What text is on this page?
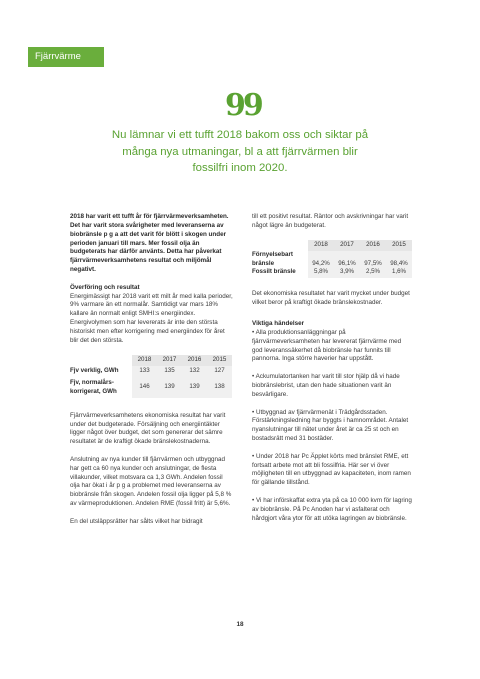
Fjärrvärme
99
Nu lämnar vi ett tufft 2018 bakom oss och siktar på många nya utmaningar, bl a att fjärrvärmen blir fossilfri inom 2020.

2018 har varit ett tufft år för fjärrvärmeverksamheten. Det har varit stora svårigheter med leveranserna av biobränsle p g a att det varit för blött i skogen under perioden januari till mars. Mer fossil olja än budgeterats har därför använts. Detta har påverkat fjärrvärmeverksamhetens resultat och miljömål negativt.

Överföring och resultat

Energimässigt har 2018 varit ett milt år med kalla perioder, 9% varmare än ett normalår. Samtidigt var mars 18% kallare än normalt enligt SMHI:s energiindex. Energivolymen som har levererats är inte den största historiskt men efter korrigering med energiindex för året blir det den största.

	2018	2017	2016	2015
Fjv verklig, GWh	133	135	132	127
Fjv, normalårs-korrigerat, GWh	146	139	139	138

Fjärrvärmeverksamhetens ekonomiska resultat har varit under det budgeterade. Försäljning och energiintäkter ligger något över budget, det som genererar det sämre resultatet är de kraftigt ökade bränslekostnaderna.

Anslutning av nya kunder till fjärrvärmen och utbyggnad har gett ca 60 nya kunder och anslutningar, de flesta villakunder, vilket motsvara ca 1,3 GWh. Andelen fossil olja har ökat i år p g a problemet med leveranserna av biobränsle från skogen. Andelen fossil olja ligger på 5,8 % av värmeproduktionen. Andelen RME (fossil fritt) är 5,6%.

En del utsläppsrätter har sålts vilket har bidragit

till ett positivt resultat. Räntor och avskrivningar har varit något lägre än budgeterat.

	2018	2017	2016	2015
Förnyelsebart bränsle	94,2%	96,1%	97,5%	98,4%
Fossilt bränsle	5,8%	3,9%	2,5%	1,6%

Det ekonomiska resultatet har varit mycket under budget vilket beror på kraftigt ökade bränslekostnader.

Viktiga händelser

• Alla produktionsanläggningar på fjärrvärmeverksamheten har levererat fjärrvärme med god leveranssäkerhet då biobränsle har funnits till pannorna. Inga större haverier har uppstått.

• Ackumulatortanken har varit till stor hjälp då vi hade biobränslebrist, utan den hade situationen varit än besvärligare.

• Utbyggnad av fjärrvärmenät i Trädgårdsstaden. Förstärkningsledning har byggts i hamnområdet. Antalet nyanslutningar till nätet under året är ca 25 st och en bostadsrätt med 31 bostäder.

• Under 2018 har Pc Äpplet körts med bränslet RME, ett fortsatt arbete mot att bli fossilfria. Här ser vi över möjligheten till en utbyggnad av kapaciteten, inom ramen för gällande tillstånd.

• Vi har införskaffat extra yta på ca 10 000 kvm för lagring av biobränsle. På Pc Anoden har vi asfalterat och hårdgjort våra ytor för att utöka lagringen av biobränsle.

18
